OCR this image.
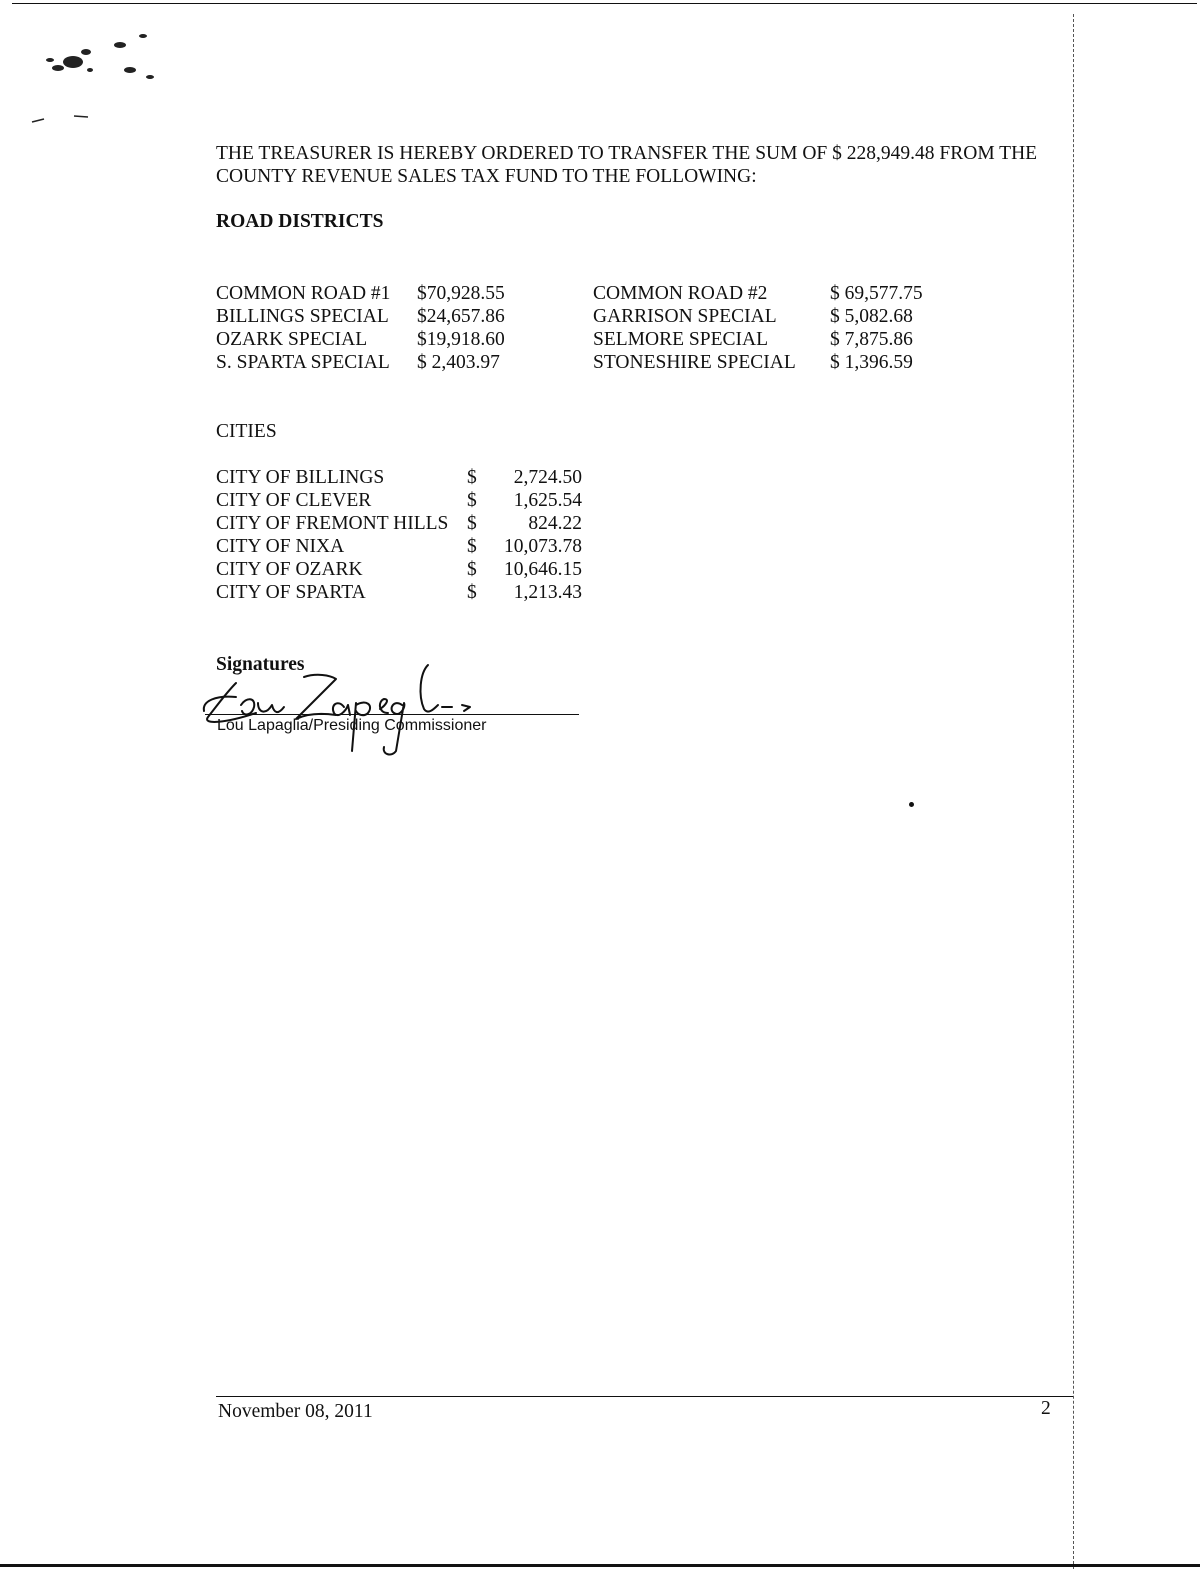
THE TREASURER IS HEREBY ORDERED TO TRANSFER THE SUM OF $ 228,949.48 FROM THE
COUNTY REVENUE SALES TAX FUND TO THE FOLLOWING:
ROAD DISTRICTS
COMMON ROAD #1 $70,928.55	COMMON ROAD #2	$ 69,577.75
BILLINGS SPECIAL $24,657.86	GARRISON SPECIAL	$ 5,082.68
OZARK SPECIAL	$19,918.60	SELMORE SPECIAL	$ 7,875.86
S. SPARTA SPECIAL $ 2,403.97	STONESHIRE SPECIAL $ 1,396.59
CITIES
CITY OF BILLINGS	$ 2,724.50
CITY OF CLEVER	$ 1,625.54
CITY OF FREMONT HILLS $	824.22
CITY OF NIXA	$ 10,073.78
CITY OF OZARK	$ 10,646.15
CITY OF SPARTA	$ 1,213.43
Signatures
Lou Lapaglia/Presiding Commissioner
November 08, 2011	2
